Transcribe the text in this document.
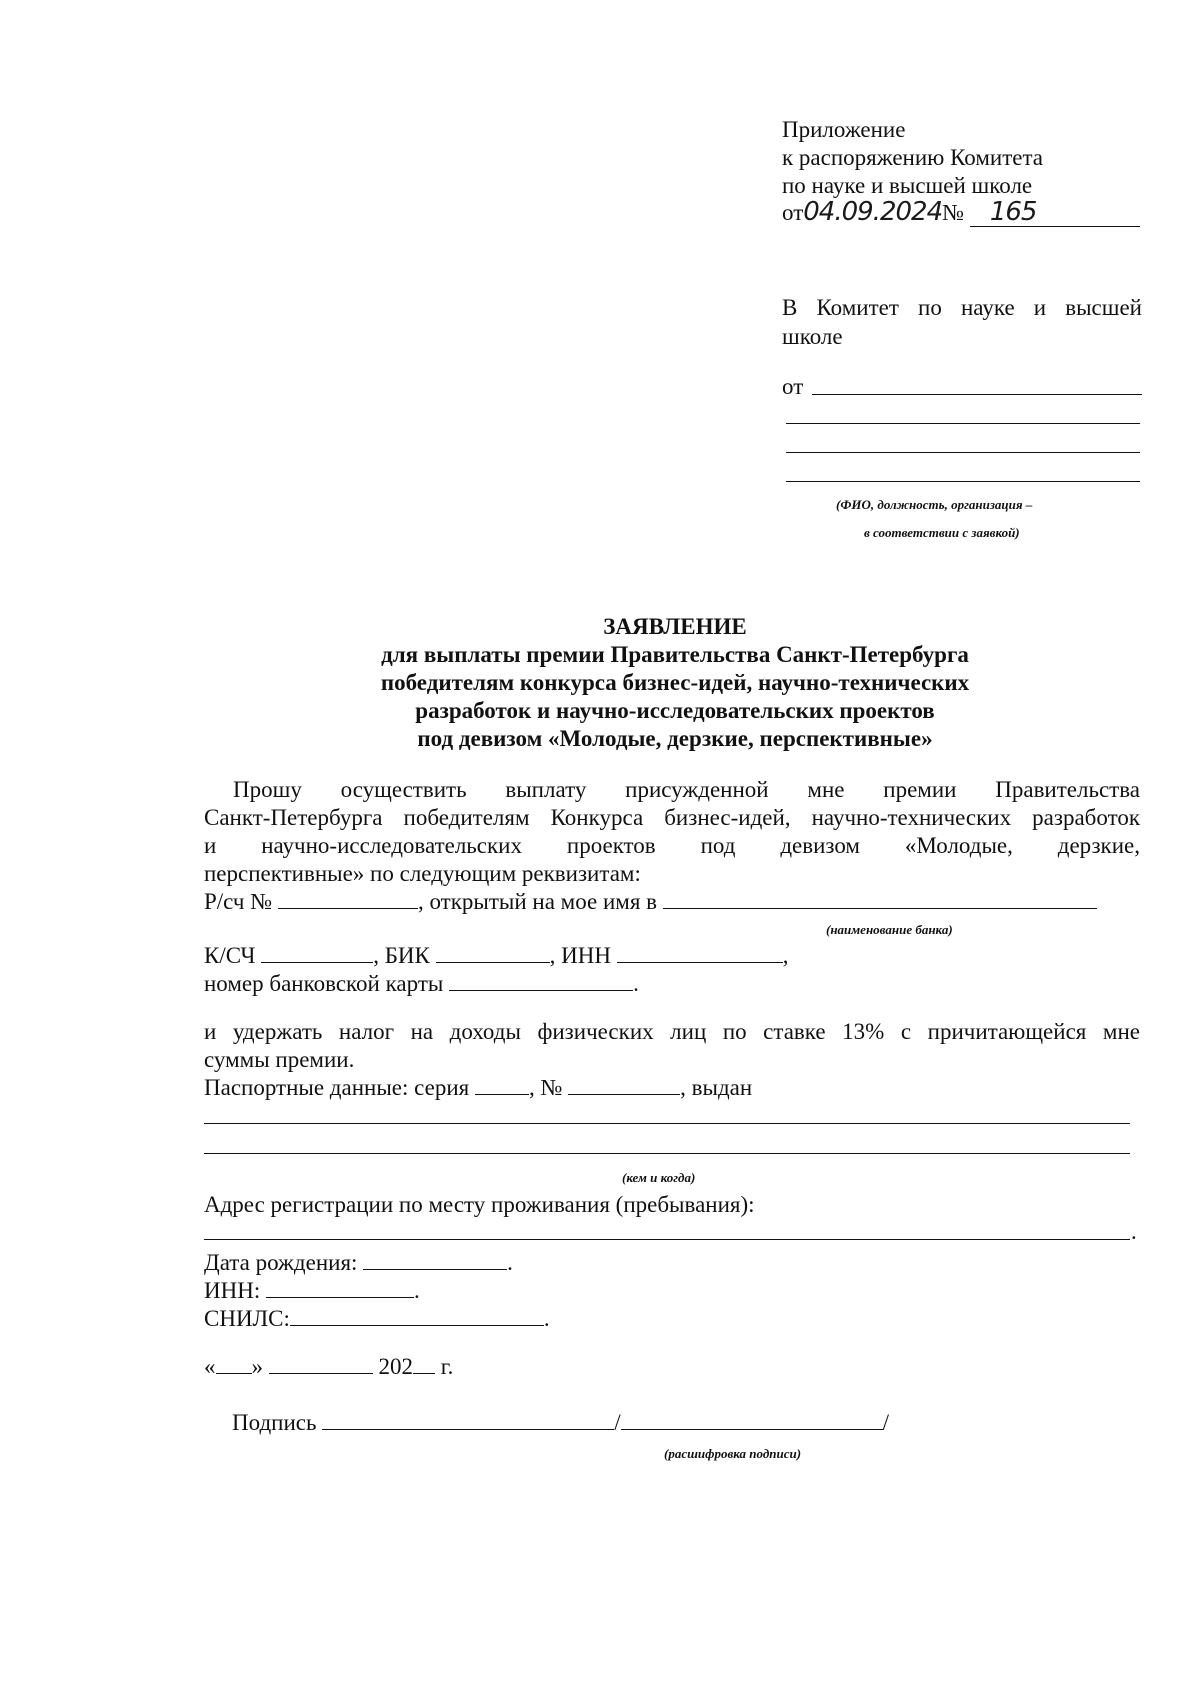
Приложение
к распоряжению Комитета
по науке и высшей школе
от04.09.2024№ 165
В Комитет по науке и высшей
школе
от
(ФИО, должность, организация –
в соответствии с заявкой)
ЗАЯВЛЕНИЕ
для выплаты премии Правительства Санкт-Петербурга
победителям конкурса бизнес-идей, научно-технических
разработок и научно-исследовательских проектов
под девизом «Молодые, дерзкие, перспективные»
Прошу осуществить выплату присужденной мне премии Правительства
Санкт-Петербурга победителям Конкурса бизнес-идей, научно-технических разработок
и научно-исследовательских проектов под девизом «Молодые, дерзкие,
перспективные» по следующим реквизитам:
Р/сч №	, открытый на мое имя в
(наименование банка)
К/СЧ	, БИК	, ИНН	,
номер банковской карты	.
и удержать налог на доходы физических лиц по ставке 13% с причитающейся мне
суммы премии.
Паспортные данные: серия	, №	, выдан
(кем и когда)
Адрес регистрации по месту проживания (пребывания):
.
Дата рождения:	.
ИНН:	.
СНИЛС:	.
« »	202 г.
Подпись	/	/
(расшифровка подписи)
